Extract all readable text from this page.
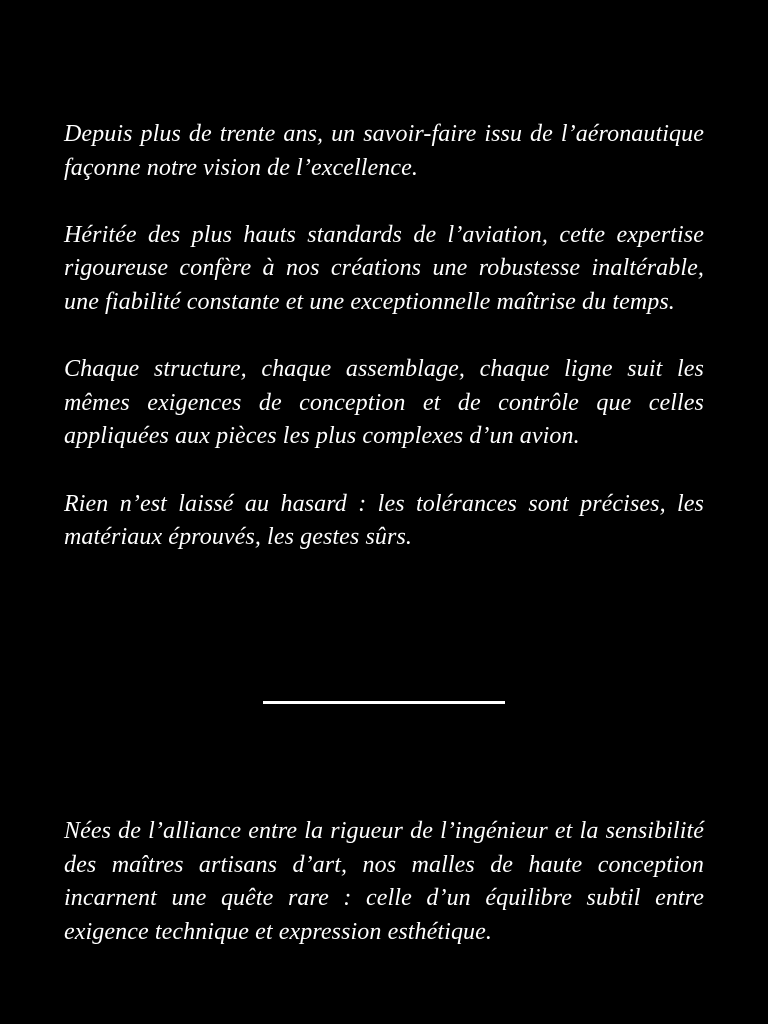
Depuis plus de trente ans, un savoir-faire issu de l’aéronautique façonne notre vision de l’excellence.

Héritée des plus hauts standards de l’aviation, cette expertise rigoureuse confère à nos créations une robustesse inaltérable, une fiabilité constante et une exceptionnelle maîtrise du temps.

Chaque structure, chaque assemblage, chaque ligne suit les mêmes exigences de conception et de contrôle que celles appliquées aux pièces les plus complexes d’un avion.

Rien n’est laissé au hasard : les tolérances sont précises, les matériaux éprouvés, les gestes sûrs.

Nées de l’alliance entre la rigueur de l’ingénieur et la sensibilité des maîtres artisans d’art, nos malles de haute conception incarnent une quête rare : celle d’un équilibre subtil entre exigence technique et expression esthétique.
